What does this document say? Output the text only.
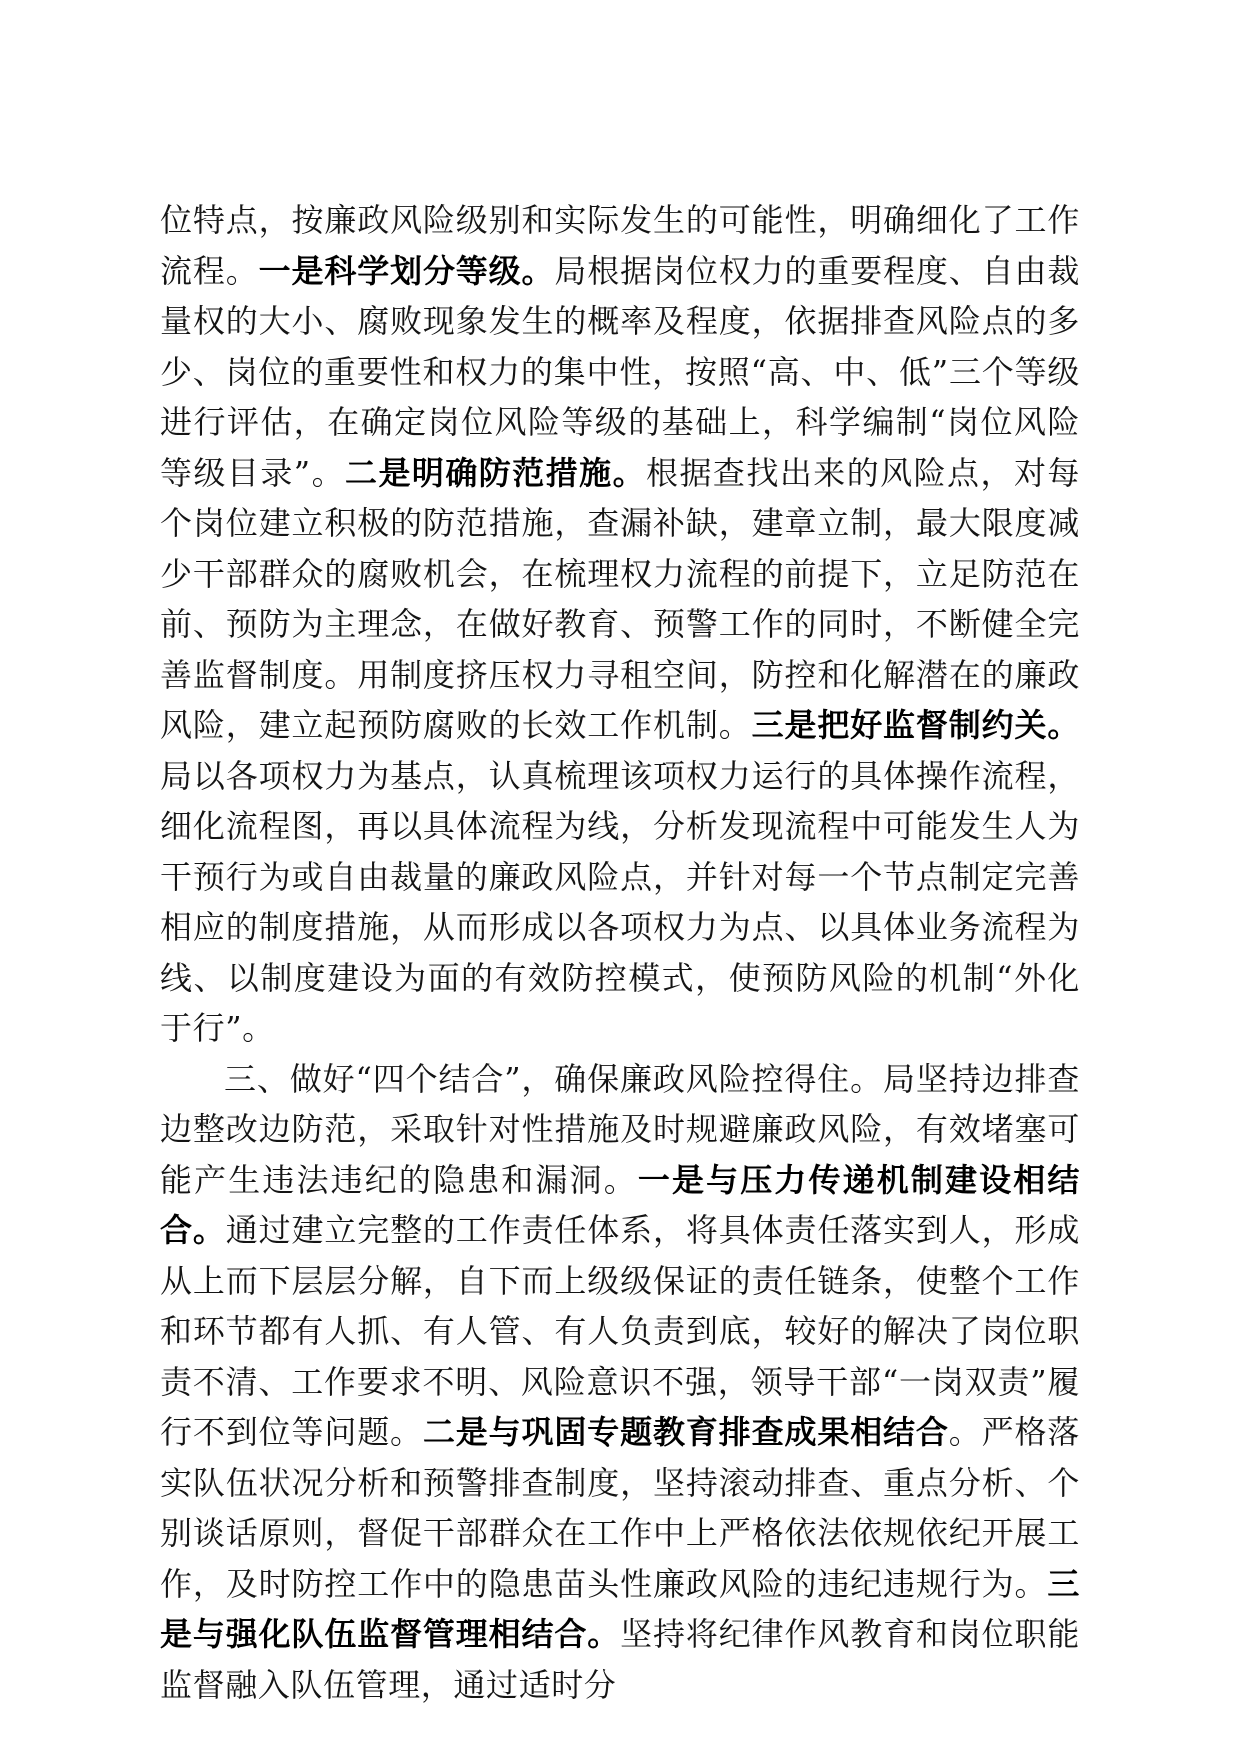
位特点，按廉政风险级别和实际发生的可能性，明确细化了工作流程。一是科学划分等级。局根据岗位权力的重要程度、自由裁量权的大小、腐败现象发生的概率及程度，依据排查风险点的多少、岗位的重要性和权力的集中性，按照“高、中、低”三个等级进行评估，在确定岗位风险等级的基础上，科学编制“岗位风险等级目录”。二是明确防范措施。根据查找出来的风险点，对每个岗位建立积极的防范措施，查漏补缺，建章立制，最大限度减少干部群众的腐败机会，在梳理权力流程的前提下，立足防范在前、预防为主理念，在做好教育、预警工作的同时，不断健全完善监督制度。用制度挤压权力寻租空间，防控和化解潜在的廉政风险，建立起预防腐败的长效工作机制。三是把好监督制约关。局以各项权力为基点，认真梳理该项权力运行的具体操作流程，细化流程图，再以具体流程为线，分析发现流程中可能发生人为干预行为或自由裁量的廉政风险点，并针对每一个节点制定完善相应的制度措施，从而形成以各项权力为点、以具体业务流程为线、以制度建设为面的有效防控模式，使预防风险的机制“外化于行”。

三、做好“四个结合”，确保廉政风险控得住。局坚持边排查边整改边防范，采取针对性措施及时规避廉政风险，有效堵塞可能产生违法违纪的隐患和漏洞。一是与压力传递机制建设相结合。通过建立完整的工作责任体系，将具体责任落实到人，形成从上而下层层分解，自下而上级级保证的责任链条，使整个工作和环节都有人抓、有人管、有人负责到底，较好的解决了岗位职责不清、工作要求不明、风险意识不强，领导干部“一岗双责”履行不到位等问题。二是与巩固专题教育排查成果相结合。严格落实队伍状况分析和预警排查制度，坚持滚动排查、重点分析、个别谈话原则，督促干部群众在工作中上严格依法依规依纪开展工作，及时防控工作中的隐患苗头性廉政风险的违纪违规行为。三是与强化队伍监督管理相结合。坚持将纪律作风教育和岗位职能监督融入队伍管理，通过适时分
